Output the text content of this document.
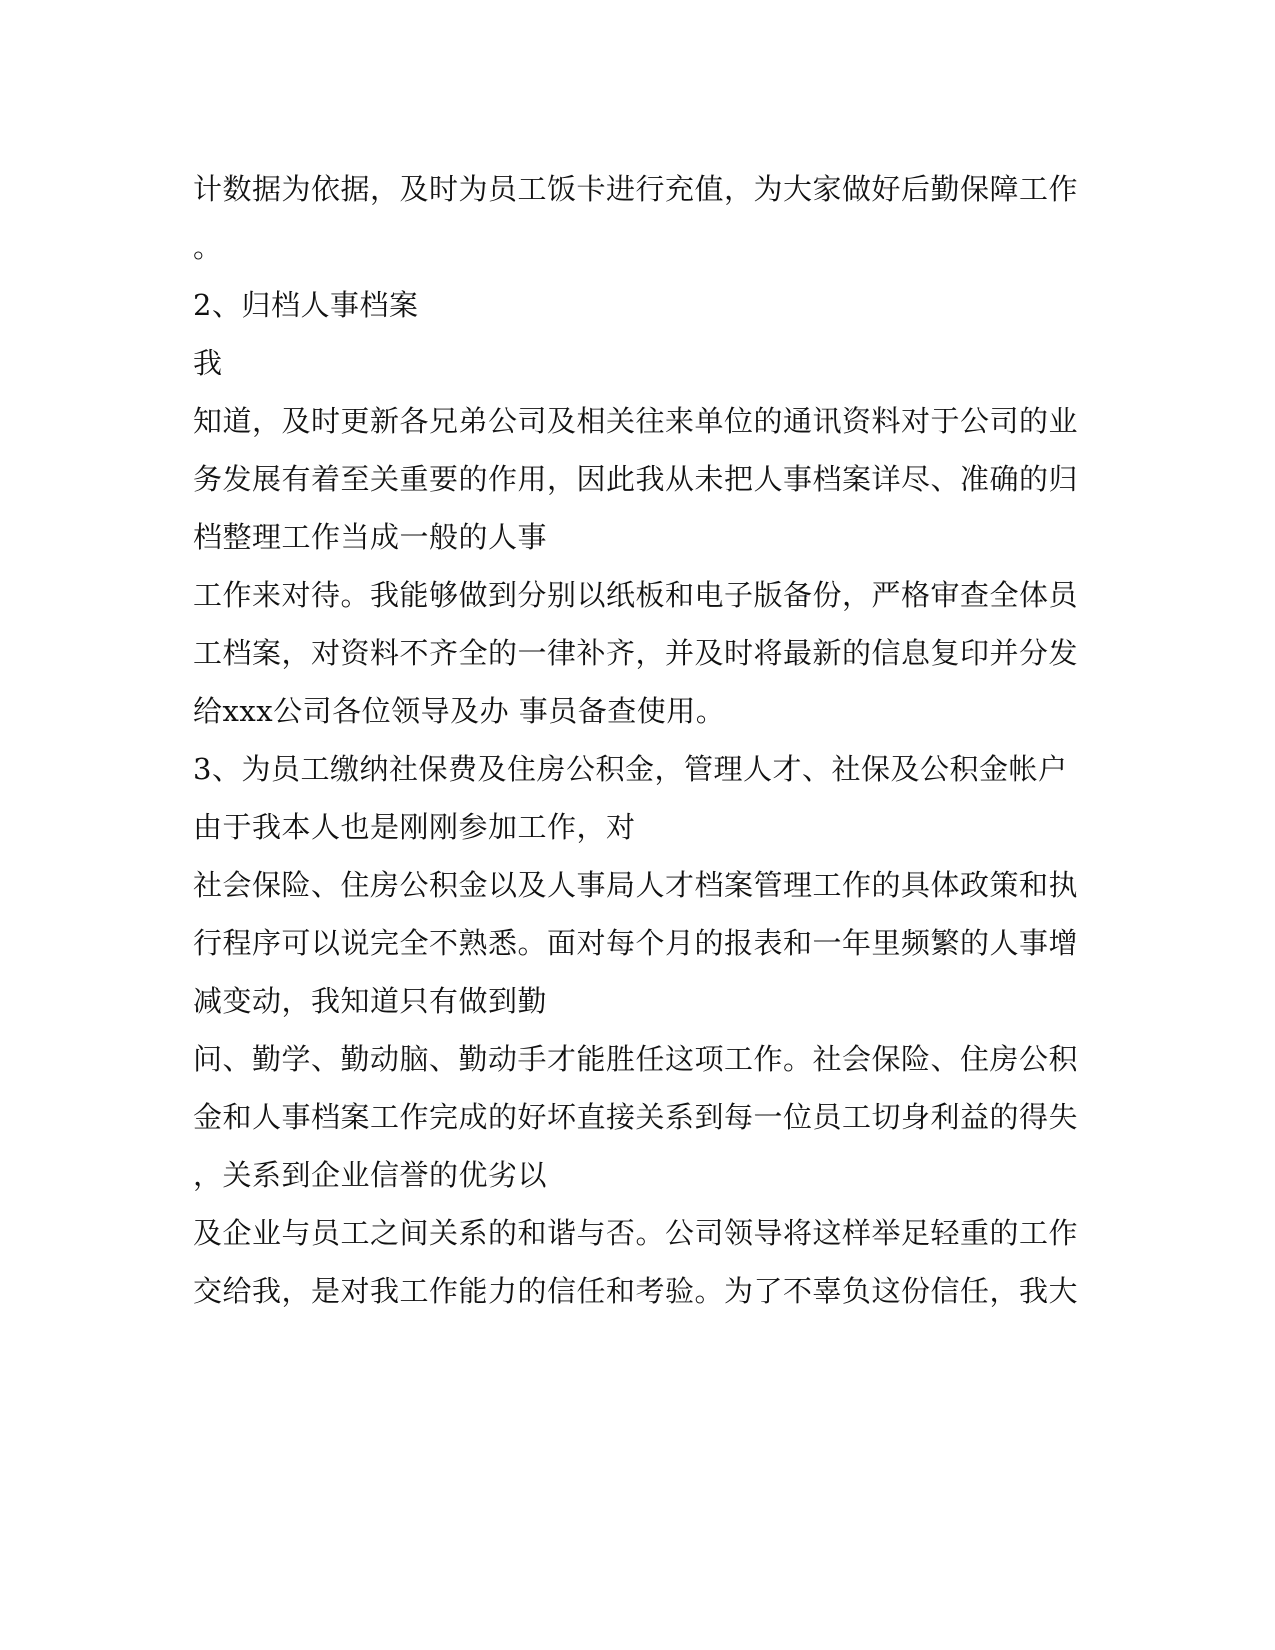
计数据为依据，及时为员工饭卡进行充值，为大家做好后勤保障工作
。
2、归档人事档案
我
知道，及时更新各兄弟公司及相关往来单位的通讯资料对于公司的业
务发展有着至关重要的作用，因此我从未把人事档案详尽、准确的归
档整理工作当成一般的人事
工作来对待。我能够做到分别以纸板和电子版备份，严格审查全体员
工档案，对资料不齐全的一律补齐，并及时将最新的信息复印并分发
给xxx公司各位领导及办 事员备查使用。
3、为员工缴纳社保费及住房公积金，管理人才、社保及公积金帐户
由于我本人也是刚刚参加工作，对
社会保险、住房公积金以及人事局人才档案管理工作的具体政策和执
行程序可以说完全不熟悉。面对每个月的报表和一年里频繁的人事增
减变动，我知道只有做到勤
问、勤学、勤动脑、勤动手才能胜任这项工作。社会保险、住房公积
金和人事档案工作完成的好坏直接关系到每一位员工切身利益的得失
，关系到企业信誉的优劣以
及企业与员工之间关系的和谐与否。公司领导将这样举足轻重的工作
交给我，是对我工作能力的信任和考验。为了不辜负这份信任，我大
